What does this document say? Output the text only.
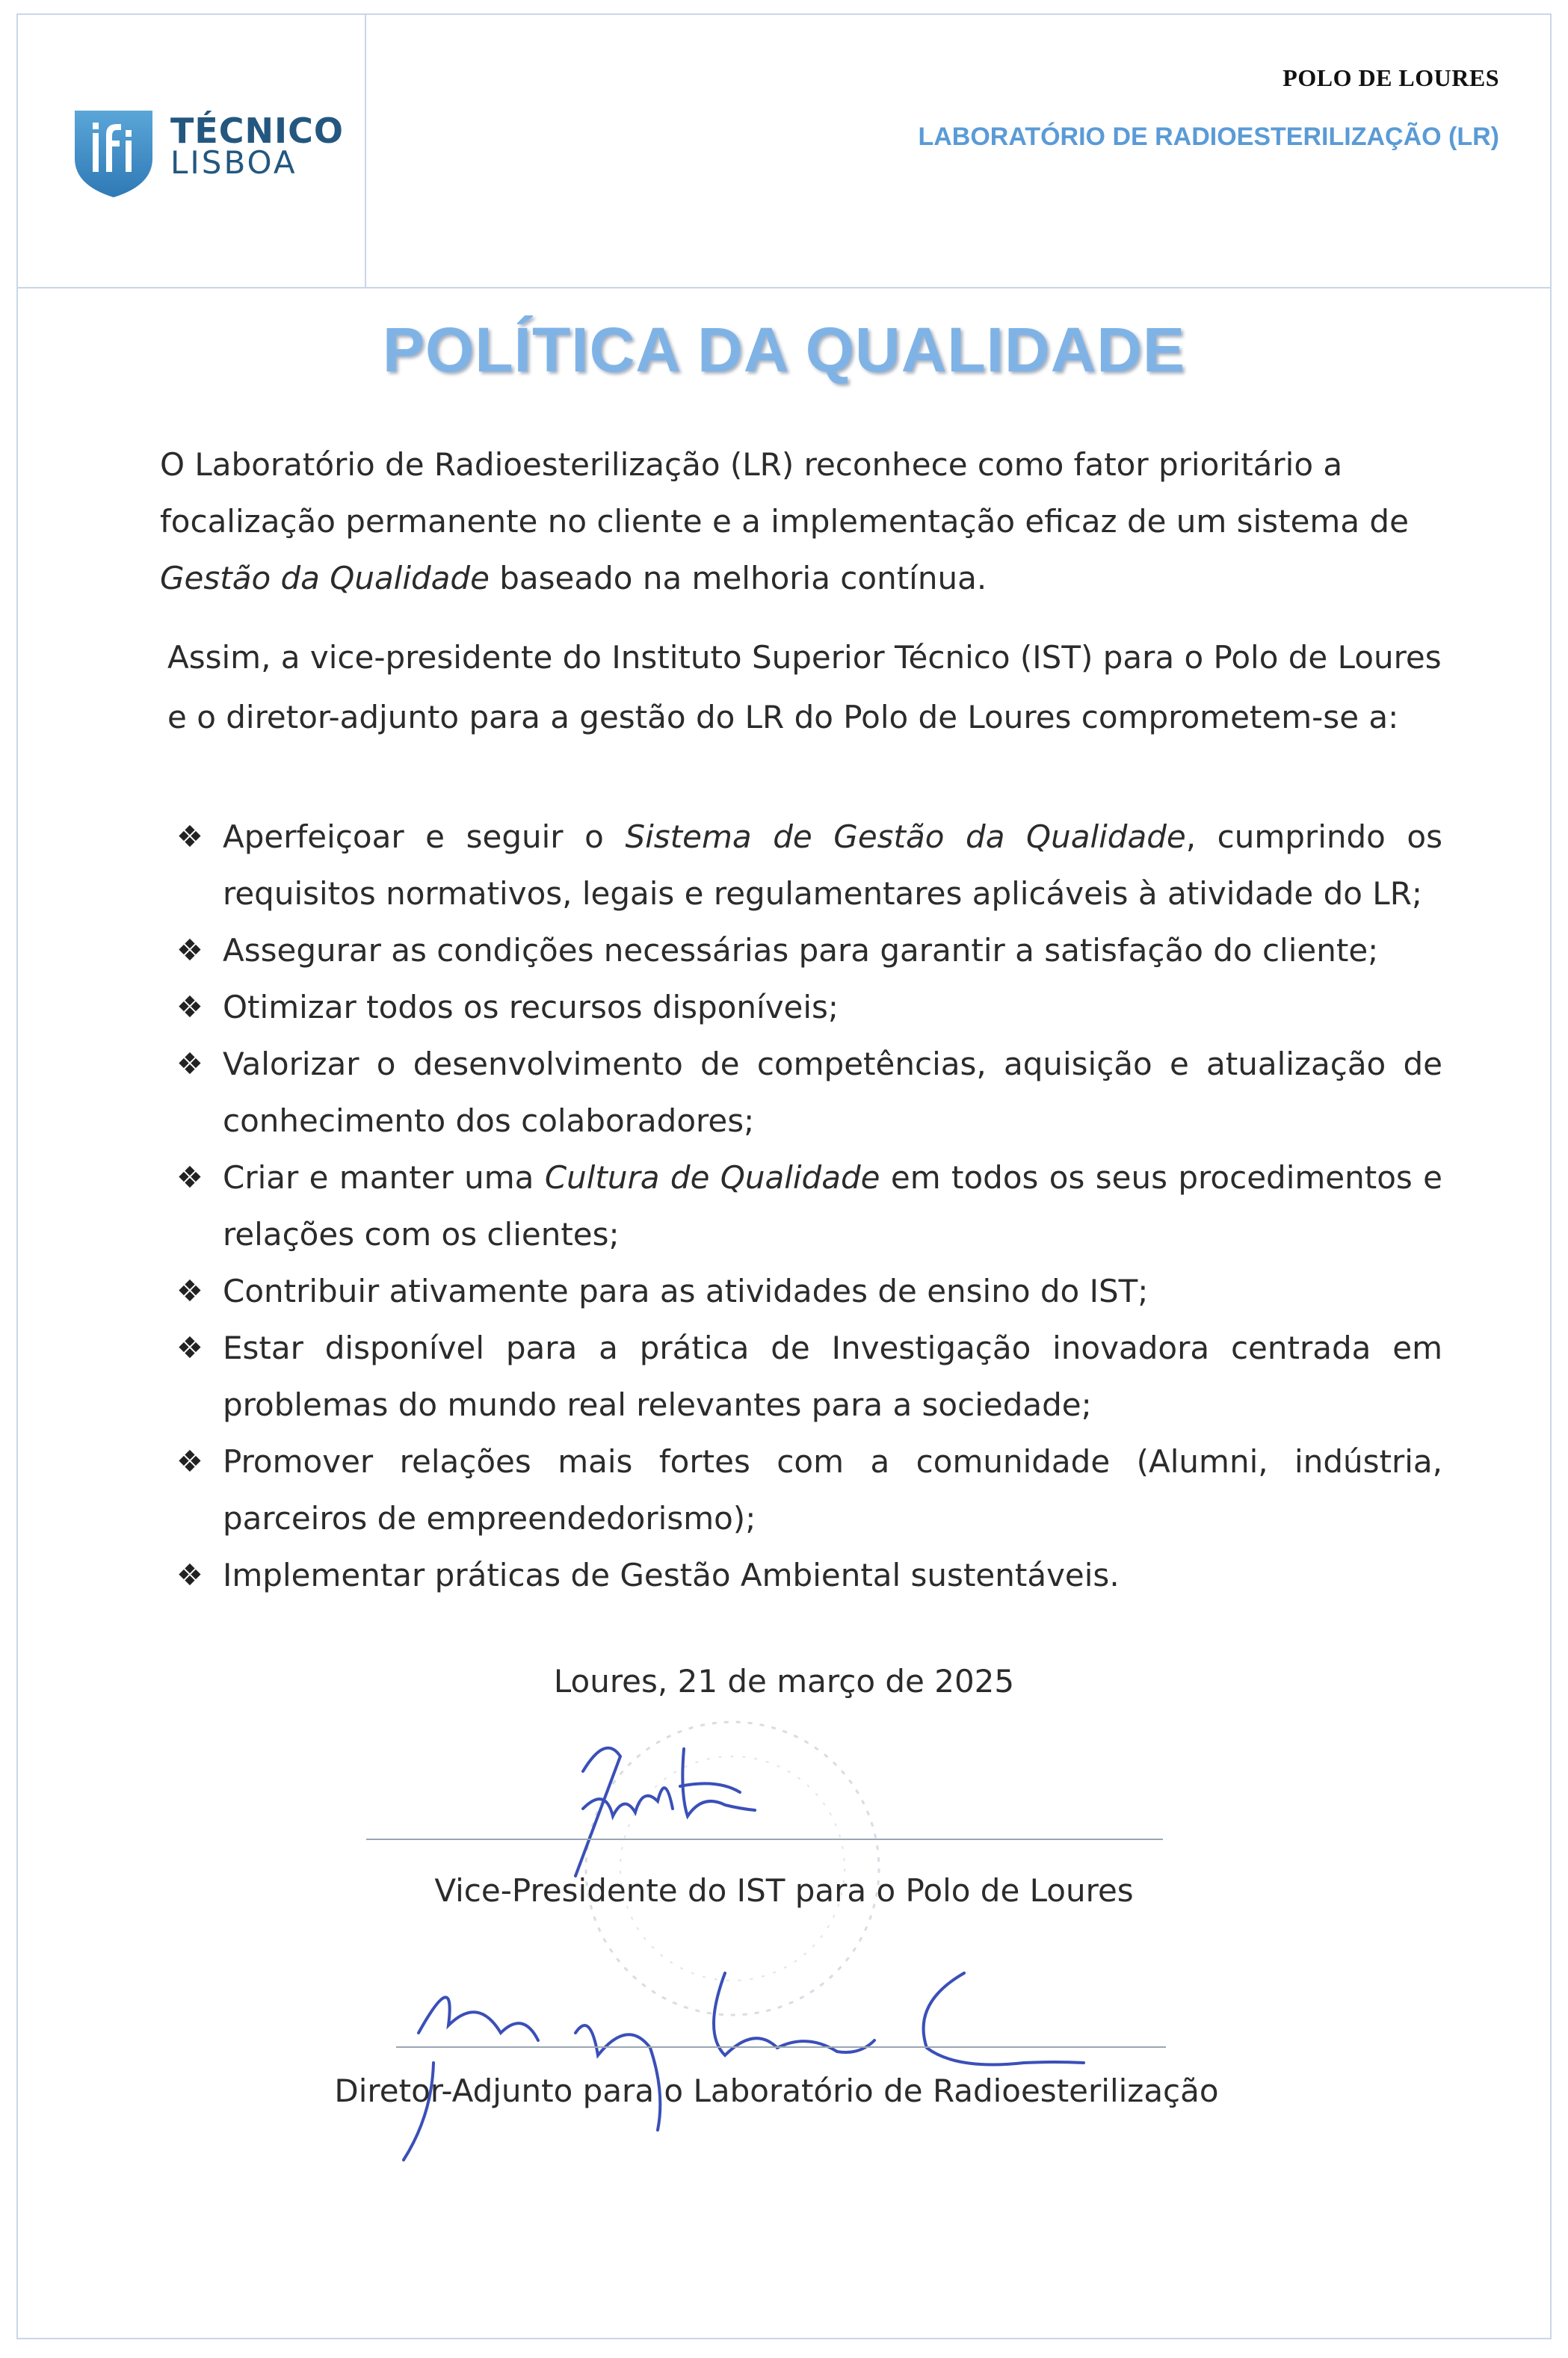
TÉCNICO
LISBOA
POLO DE LOURES
LABORATÓRIO DE RADIOESTERILIZAÇÃO (LR)
POLÍTICA DA QUALIDADE
O Laboratório de Radioesterilização (LR) reconhece como fator prioritário a focalização permanente no cliente e a implementação eficaz de um sistema de Gestão da Qualidade baseado na melhoria contínua.
Assim, a vice-presidente do Instituto Superior Técnico (IST) para o Polo de Loures e o diretor-adjunto para a gestão do LR do Polo de Loures comprometem-se a:
❖ Aperfeiçoar e seguir o Sistema de Gestão da Qualidade, cumprindo os requisitos normativos, legais e regulamentares aplicáveis à atividade do LR;
❖ Assegurar as condições necessárias para garantir a satisfação do cliente;
❖ Otimizar todos os recursos disponíveis;
❖ Valorizar o desenvolvimento de competências, aquisição e atualização de conhecimento dos colaboradores;
❖ Criar e manter uma Cultura de Qualidade em todos os seus procedimentos e relações com os clientes;
❖ Contribuir ativamente para as atividades de ensino do IST;
❖ Estar disponível para a prática de Investigação inovadora centrada em problemas do mundo real relevantes para a sociedade;
❖ Promover relações mais fortes com a comunidade (Alumni, indústria, parceiros de empreendedorismo);
❖ Implementar práticas de Gestão Ambiental sustentáveis.
Loures, 21 de março de 2025
Vice-Presidente do IST para o Polo de Loures
Diretor-Adjunto para o Laboratório de Radioesterilização
